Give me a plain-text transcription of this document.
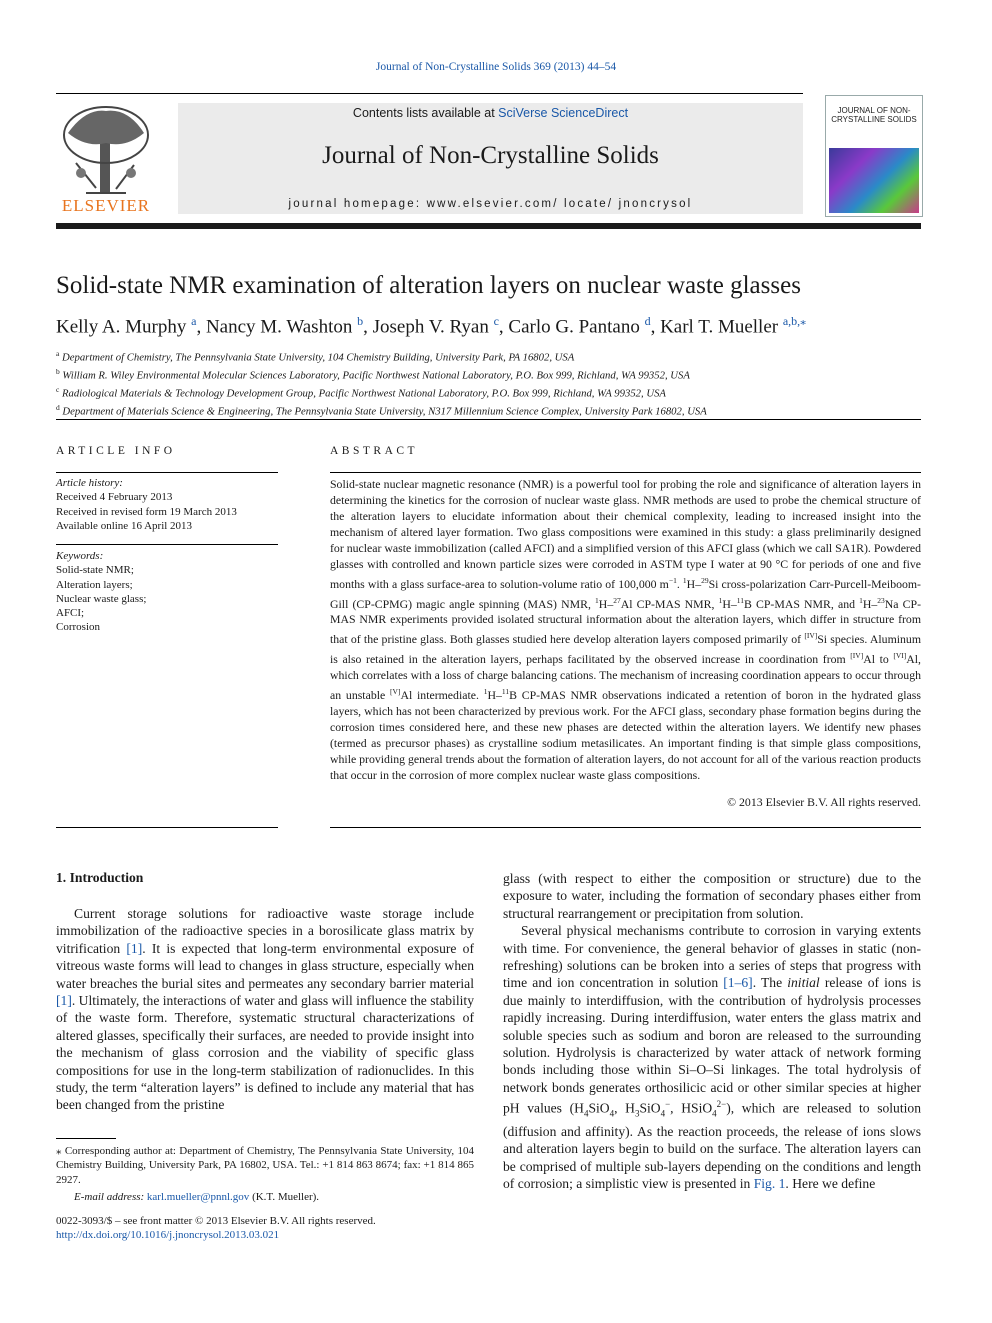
Journal of Non-Crystalline Solids 369 (2013) 44–54
ELSEVIER
Contents lists available at SciVerse ScienceDirect
Journal of Non-Crystalline Solids
journal homepage: www.elsevier.com/ locate/ jnoncrysol
JOURNAL OF NON-CRYSTALLINE SOLIDS
Solid-state NMR examination of alteration layers on nuclear waste glasses
Kelly A. Murphy $^a$, Nancy M. Washton $^b$, Joseph V. Ryan $^c$, Carlo G. Pantano $^d$, Karl T. Mueller $^{a,b,⁎}$
$^a$ Department of Chemistry, The Pennsylvania State University, 104 Chemistry Building, University Park, PA 16802, USA
$^b$ William R. Wiley Environmental Molecular Sciences Laboratory, Pacific Northwest National Laboratory, P.O. Box 999, Richland, WA 99352, USA
$^c$ Radiological Materials & Technology Development Group, Pacific Northwest National Laboratory, P.O. Box 999, Richland, WA 99352, USA
$^d$ Department of Materials Science & Engineering, The Pennsylvania State University, N317 Millennium Science Complex, University Park 16802, USA
ARTICLE INFO
Article history:
Received 4 February 2013
Received in revised form 19 March 2013
Available online 16 April 2013
Keywords:
Solid-state NMR;
Alteration layers;
Nuclear waste glass;
AFCI;
Corrosion
ABSTRACT
Solid-state nuclear magnetic resonance (NMR) is a powerful tool for probing the role and significance of alteration layers in determining the kinetics for the corrosion of nuclear waste glass. NMR methods are used to probe the chemical structure of the alteration layers to elucidate information about their chemical complexity, leading to increased insight into the mechanism of altered layer formation. Two glass compositions were examined in this study: a glass preliminarily designed for nuclear waste immobilization (called AFCI) and a simplified version of this AFCI glass (which we call SA1R). Powdered glasses with controlled and known particle sizes were corroded in ASTM type I water at 90 °C for periods of one and five months with a glass surface-area to solution-volume ratio of 100,000 $m^{-1}$. $^1$H–$^{29}$Si cross-polarization Carr-Purcell-Meiboom-Gill (CP-CPMG) magic angle spinning (MAS) NMR, $^1$H–$^{27}$Al CP-MAS NMR, $^1$H–$^{11}$B CP-MAS NMR, and $^1$H–$^{23}$Na CP-MAS NMR experiments provided isolated structural information about the alteration layers, which differ in structure from that of the pristine glass. Both glasses studied here develop alteration layers composed primarily of [IV]Si species. Aluminum is also retained in the alteration layers, perhaps facilitated by the observed increase in coordination from [IV]Al to [VI]Al, which correlates with a loss of charge balancing cations. The mechanism of increasing coordination appears to occur through an unstable [V]Al intermediate. $^1$H–$^{11}$B CP-MAS NMR observations indicated a retention of boron in the hydrated glass layers, which has not been characterized by previous work. For the AFCI glass, secondary phase formation begins during the corrosion times considered here, and these new phases are detected within the alteration layers. We identify new phases (termed as precursor phases) as crystalline sodium metasilicates. An important finding is that simple glass compositions, while providing general trends about the formation of alteration layers, do not account for all of the various reaction products that occur in the corrosion of more complex nuclear waste glass compositions.
© 2013 Elsevier B.V. All rights reserved.
1. Introduction

Current storage solutions for radioactive waste storage include immobilization of the radioactive species in a borosilicate glass matrix by vitrification [1]. It is expected that long-term environmental exposure of vitreous waste forms will lead to changes in glass structure, especially when water breaches the burial sites and permeates any secondary barrier material [1]. Ultimately, the interactions of water and glass will influence the stability of the waste form. Therefore, systematic structural characterizations of altered glasses, specifically their surfaces, are needed to provide insight into the mechanism of glass corrosion and the viability of specific glass compositions for use in the long-term stabilization of radionuclides. In this study, the term “alteration layers” is defined to include any material that has been changed from the pristine

⁎ Corresponding author at: Department of Chemistry, The Pennsylvania State University, 104 Chemistry Building, University Park, PA 16802, USA. Tel.: +1 814 863 8674; fax: +1 814 865 2927.
E-mail address: karl.mueller@pnnl.gov (K.T. Mueller).
0022-3093/$ – see front matter © 2013 Elsevier B.V. All rights reserved.
http://dx.doi.org/10.1016/j.jnoncrysol.2013.03.021

glass (with respect to either the composition or structure) due to the exposure to water, including the formation of secondary phases either from structural rearrangement or precipitation from solution.

Several physical mechanisms contribute to corrosion in varying extents with time. For convenience, the general behavior of glasses in static (non-refreshing) solutions can be broken into a series of steps that progress with time and ion concentration in solution [1–6]. The initial release of ions is due mainly to interdiffusion, with the contribution of hydrolysis processes rapidly increasing. During interdiffusion, water enters the glass matrix and soluble species such as sodium and boron are released to the surrounding solution. Hydrolysis is characterized by water attack of network forming bonds including those within Si–O–Si linkages. The total hydrolysis of network bonds generates orthosilicic acid or other similar species at higher pH values ($H_4SiO_4$, $H_3SiO_4^-$, HSiO$_4^{2-}$), which are released to solution (diffusion and affinity). As the reaction proceeds, the release of ions slows and alteration layers begin to build on the surface. The alteration layers can be comprised of multiple sub-layers depending on the conditions and length of corrosion; a simplistic view is presented in Fig. 1. Here we define
